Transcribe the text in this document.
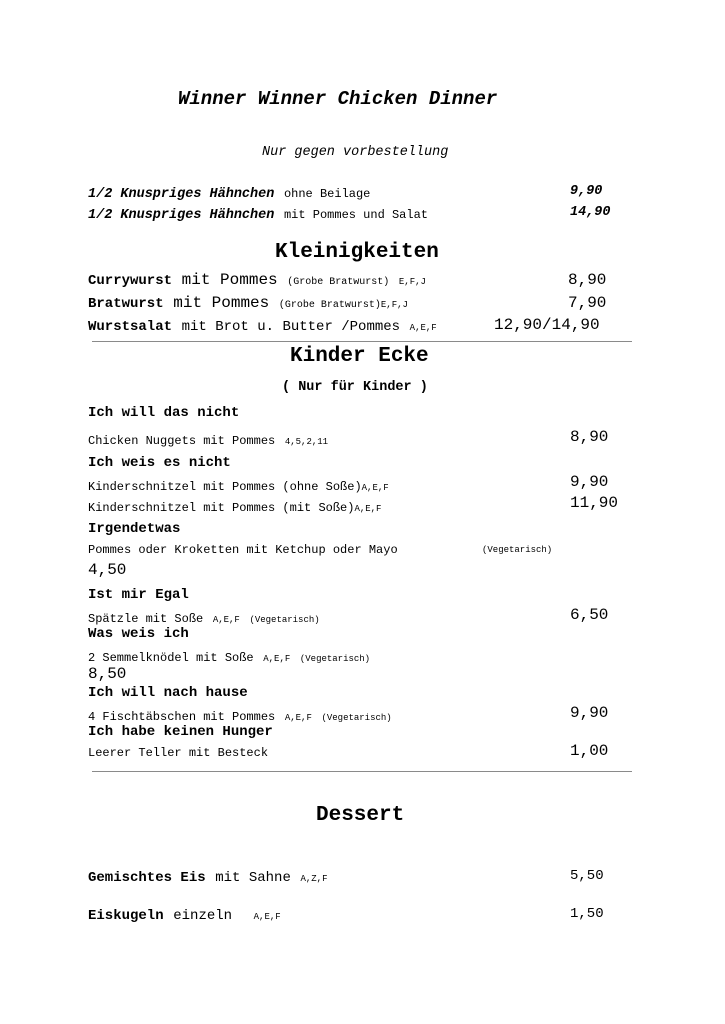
Winner Winner Chicken Dinner
Nur gegen vorbestellung
1/2 Knuspriges Hähnchen ohne Beilage	9,90
1/2 Knuspriges Hähnchen mit Pommes und Salat	14,90
Kleinigkeiten
Currywurst mit Pommes (Grobe Bratwurst) E,F,J	8,90
Bratwurst mit Pommes (Grobe Bratwurst)E,F,J	7,90
Wurstsalat mit Brot u. Butter /Pommes A,E,F	12,90/14,90
Kinder Ecke
( Nur für Kinder )
Ich will das nicht
Chicken Nuggets mit Pommes 4,5,2,11	8,90
Ich weis es nicht
Kinderschnitzel mit Pommes (ohne Soße)A,E,F	9,90
Kinderschnitzel mit Pommes (mit Soße)A,E,F	11,90
Irgendetwas
Pommes oder Kroketten mit Ketchup oder Mayo	(Vegetarisch)
4,50
Ist mir Egal
Spätzle mit Soße A,E,F (Vegetarisch)	6,50
Was weis ich
2 Semmelknödel mit Soße A,E,F (Vegetarisch)
8,50
Ich will nach hause
4 Fischtäbschen mit Pommes A,E,F (Vegetarisch)	9,90
Ich habe keinen Hunger
Leerer Teller mit Besteck	1,00
Dessert
Gemischtes Eis mit Sahne A,Z,F	5,50
Eiskugeln einzeln A,E,F	1,50
